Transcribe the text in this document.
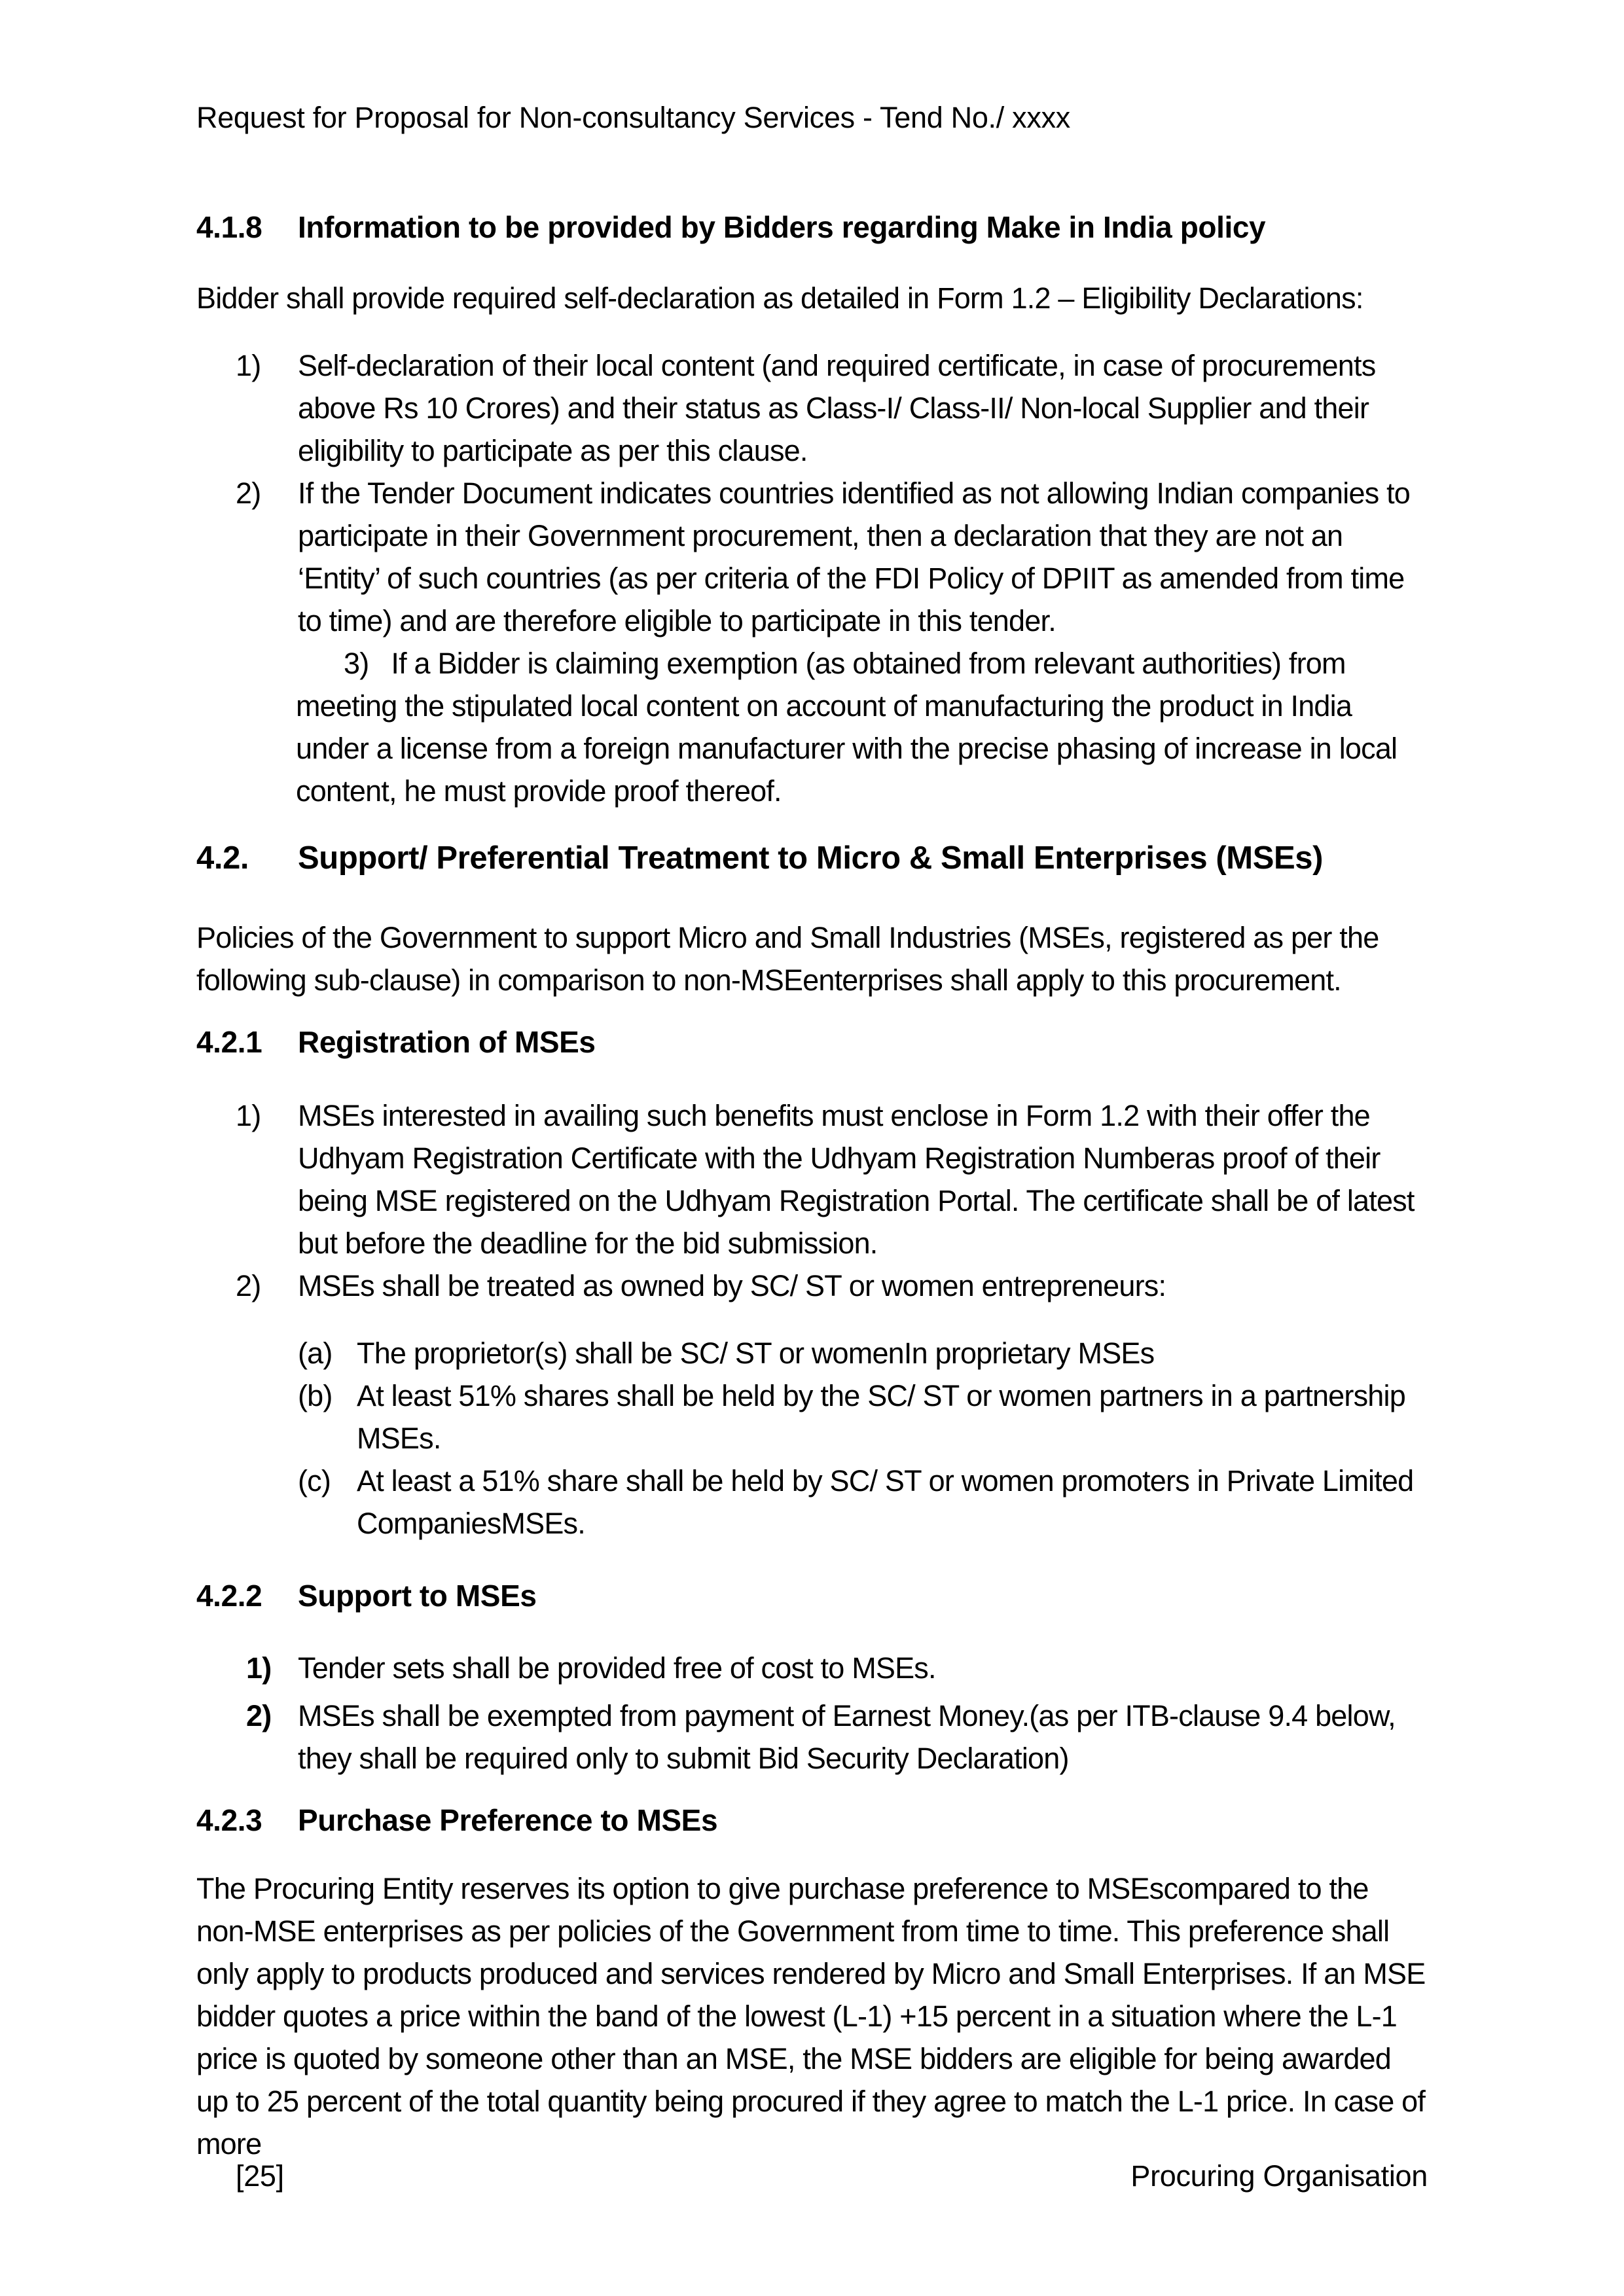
Request for Proposal for Non-consultancy Services - Tend No./ xxxx
4.1.8 Information to be provided by Bidders regarding Make in India policy

Bidder shall provide required self-declaration as detailed in Form 1.2 – Eligibility Declarations:

1) Self-declaration of their local content (and required certificate, in case of procurements above Rs 10 Crores) and their status as Class-I/ Class-II/ Non-local Supplier and their eligibility to participate as per this clause.
2) If the Tender Document indicates countries identified as not allowing Indian companies to participate in their Government procurement, then a declaration that they are not an ‘Entity’ of such countries (as per criteria of the FDI Policy of DPIIT as amended from time to time) and are therefore eligible to participate in this tender.

3) If a Bidder is claiming exemption (as obtained from relevant authorities) from meeting the stipulated local content on account of manufacturing the product in India under a license from a foreign manufacturer with the precise phasing of increase in local content, he must provide proof thereof.

4.2. Support/ Preferential Treatment to Micro & Small Enterprises (MSEs)

Policies of the Government to support Micro and Small Industries (MSEs, registered as per the following sub-clause) in comparison to non-MSEenterprises shall apply to this procurement.

4.2.1 Registration of MSEs
1) MSEs interested in availing such benefits must enclose in Form 1.2 with their offer the Udhyam Registration Certificate with the Udhyam Registration Numberas proof of their being MSE registered on the Udhyam Registration Portal. The certificate shall be of latest but before the deadline for the bid submission.
2) MSEs shall be treated as owned by SC/ ST or women entrepreneurs:
(a) The proprietor(s) shall be SC/ ST or womenIn proprietary MSEs
(b) At least 51% shares shall be held by the SC/ ST or women partners in a partnership MSEs.
(c) At least a 51% share shall be held by SC/ ST or women promoters in Private Limited CompaniesMSEs.
4.2.2 Support to MSEs
1) Tender sets shall be provided free of cost to MSEs.
2) MSEs shall be exempted from payment of Earnest Money.(as per ITB-clause 9.4 below, they shall be required only to submit Bid Security Declaration)
4.2.3 Purchase Preference to MSEs

The Procuring Entity reserves its option to give purchase preference to MSEscompared to the non-MSE enterprises as per policies of the Government from time to time. This preference shall only apply to products produced and services rendered by Micro and Small Enterprises. If an MSE bidder quotes a price within the band of the lowest (L-1) +15 percent in a situation where the L-1 price is quoted by someone other than an MSE, the MSE bidders are eligible for being awarded up to 25 percent of the total quantity being procured if they agree to match the L-1 price. In case of more

[25]	Procuring Organisation
